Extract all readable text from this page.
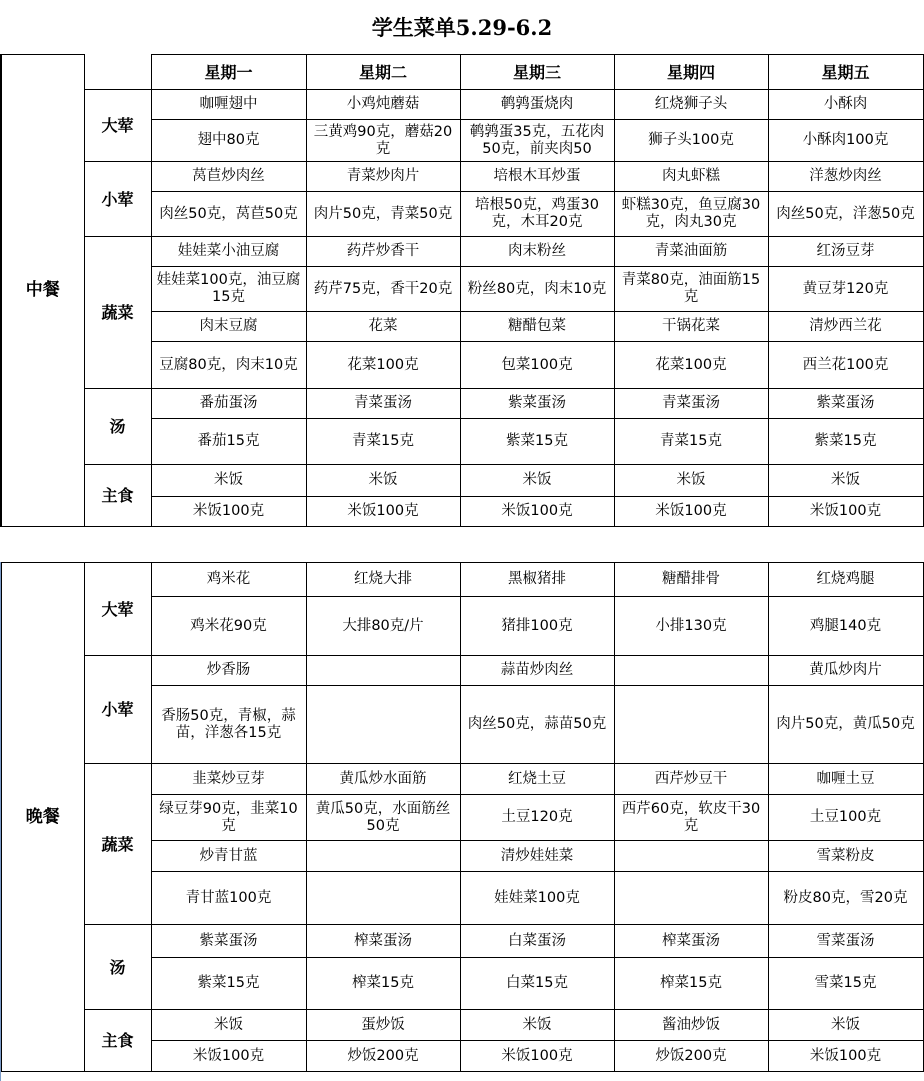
学生菜单5.29-6.2
中餐		星期一	星期二	星期三	星期四	星期五
	大荤	咖喱翅中	小鸡炖蘑菇	鹌鹑蛋烧肉	红烧狮子头	小酥肉
		翅中80克	三黄鸡90克，蘑菇20克	鹌鹑蛋35克，五花肉50克，前夹肉50	狮子头100克	小酥肉100克
	小荤	莴苣炒肉丝	青菜炒肉片	培根木耳炒蛋	肉丸虾糕	洋葱炒肉丝
		肉丝50克，莴苣50克	肉片50克，青菜50克	培根50克，鸡蛋30克，木耳20克	虾糕30克，鱼豆腐30克，肉丸30克	肉丝50克，洋葱50克
	蔬菜	娃娃菜小油豆腐	药芹炒香干	肉末粉丝	青菜油面筋	红汤豆芽
		娃娃菜100克，油豆腐15克	药芹75克，香干20克	粉丝80克，肉末10克	青菜80克，油面筋15克	黄豆芽120克
		肉末豆腐	花菜	糖醋包菜	干锅花菜	清炒西兰花
		豆腐80克，肉末10克	花菜100克	包菜100克	花菜100克	西兰花100克
	汤	番茄蛋汤	青菜蛋汤	紫菜蛋汤	青菜蛋汤	紫菜蛋汤
		番茄15克	青菜15克	紫菜15克	青菜15克	紫菜15克
	主食	米饭	米饭	米饭	米饭	米饭
		米饭100克	米饭100克	米饭100克	米饭100克	米饭100克
晚餐	大荤	鸡米花	红烧大排	黑椒猪排	糖醋排骨	红烧鸡腿
		鸡米花90克	大排80克/片	猪排100克	小排130克	鸡腿140克
	小荤	炒香肠		蒜苗炒肉丝		黄瓜炒肉片
		香肠50克，青椒，蒜苗，洋葱各15克		肉丝50克，蒜苗50克		肉片50克，黄瓜50克
	蔬菜	韭菜炒豆芽	黄瓜炒水面筋	红烧土豆	西芹炒豆干	咖喱土豆
		绿豆芽90克，韭菜10克	黄瓜50克，水面筋丝50克	土豆120克	西芹60克，软皮干30克	土豆100克
		炒青甘蓝		清炒娃娃菜		雪菜粉皮
		青甘蓝100克		娃娃菜100克		粉皮80克，雪20克
	汤	紫菜蛋汤	榨菜蛋汤	白菜蛋汤	榨菜蛋汤	雪菜蛋汤
		紫菜15克	榨菜15克	白菜15克	榨菜15克	雪菜15克
	主食	米饭	蛋炒饭	米饭	酱油炒饭	米饭
		米饭100克	炒饭200克	米饭100克	炒饭200克	米饭100克
